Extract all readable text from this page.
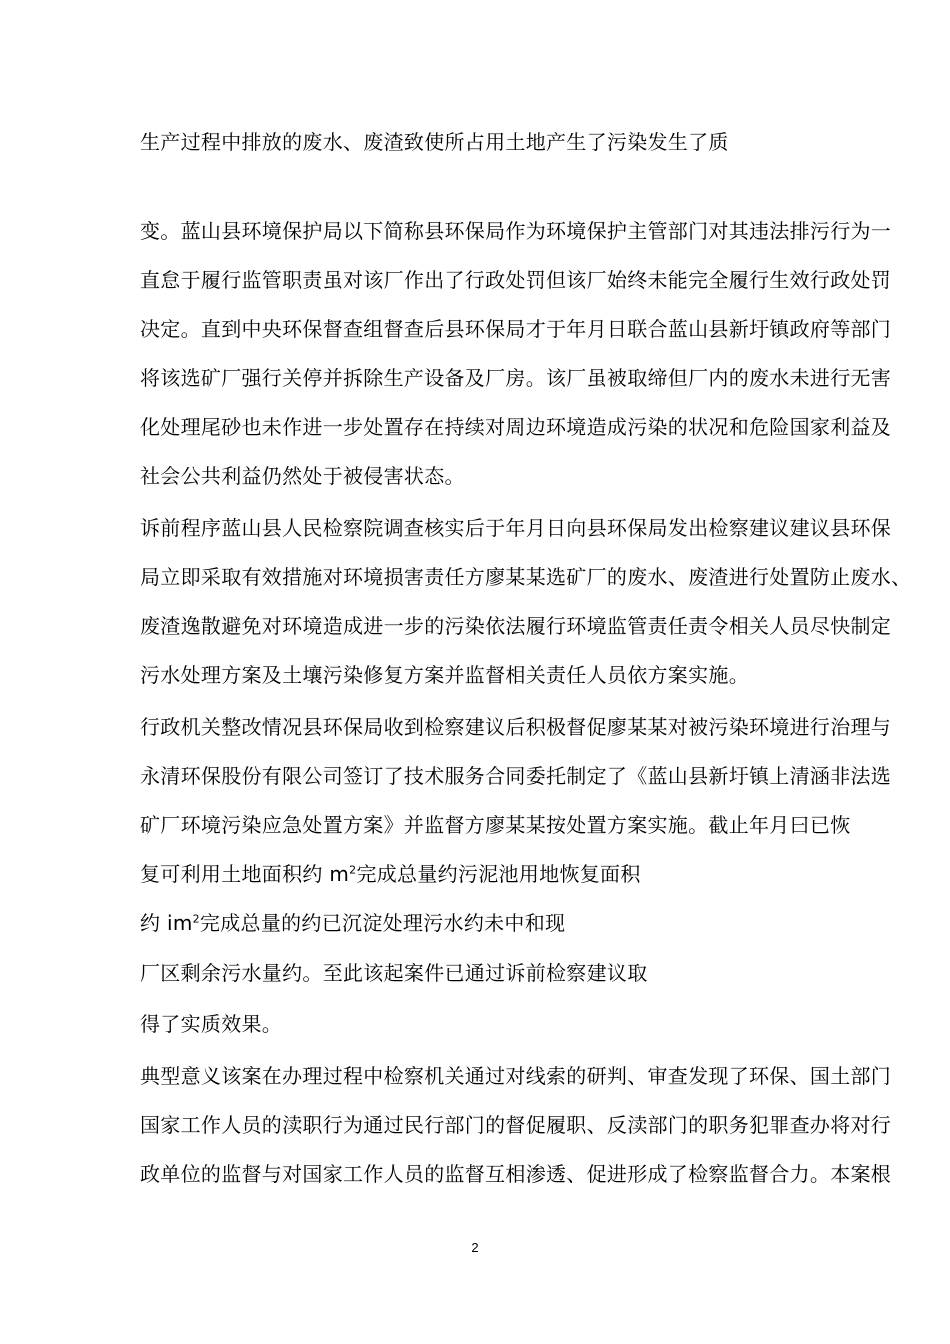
生产过程中排放的废水、废渣致使所占用土地产生了污染发生了质

变。蓝山县环境保护局以下简称县环保局作为环境保护主管部门对其违法排污行为一

直怠于履行监管职责虽对该厂作出了行政处罚但该厂始终未能完全履行生效行政处罚

决定。直到中央环保督查组督查后县环保局才于年月日联合蓝山县新圩镇政府等部门

将该选矿厂强行关停并拆除生产设备及厂房。该厂虽被取缔但厂内的废水未进行无害

化处理尾砂也未作进一步处置存在持续对周边环境造成污染的状况和危险国家利益及

社会公共利益仍然处于被侵害状态。

诉前程序蓝山县人民检察院调查核实后于年月日向县环保局发出检察建议建议县环保

局立即采取有效措施对环境损害责任方廖某某选矿厂的废水、废渣进行处置防止废水、

废渣逸散避免对环境造成进一步的污染依法履行环境监管责任责令相关人员尽快制定

污水处理方案及土壤污染修复方案并监督相关责任人员依方案实施。

行政机关整改情况县环保局收到检察建议后积极督促廖某某对被污染环境进行治理与

永清环保股份有限公司签订了技术服务合同委托制定了《蓝山县新圩镇上清涵非法选

矿厂环境污染应急处置方案》并监督方廖某某按处置方案实施。截止年月曰已恢

复可利用土地面积约 $m^2$完成总量约污泥池用地恢复面积

约 $im^2$完成总量的约已沉淀处理污水约未中和现

厂区剩余污水量约。至此该起案件已通过诉前检察建议取

得了实质效果。

典型意义该案在办理过程中检察机关通过对线索的研判、审查发现了环保、国土部门

国家工作人员的渎职行为通过民行部门的督促履职、反渎部门的职务犯罪查办将对行

政单位的监督与对国家工作人员的监督互相渗透、促进形成了检察监督合力。本案根

2
